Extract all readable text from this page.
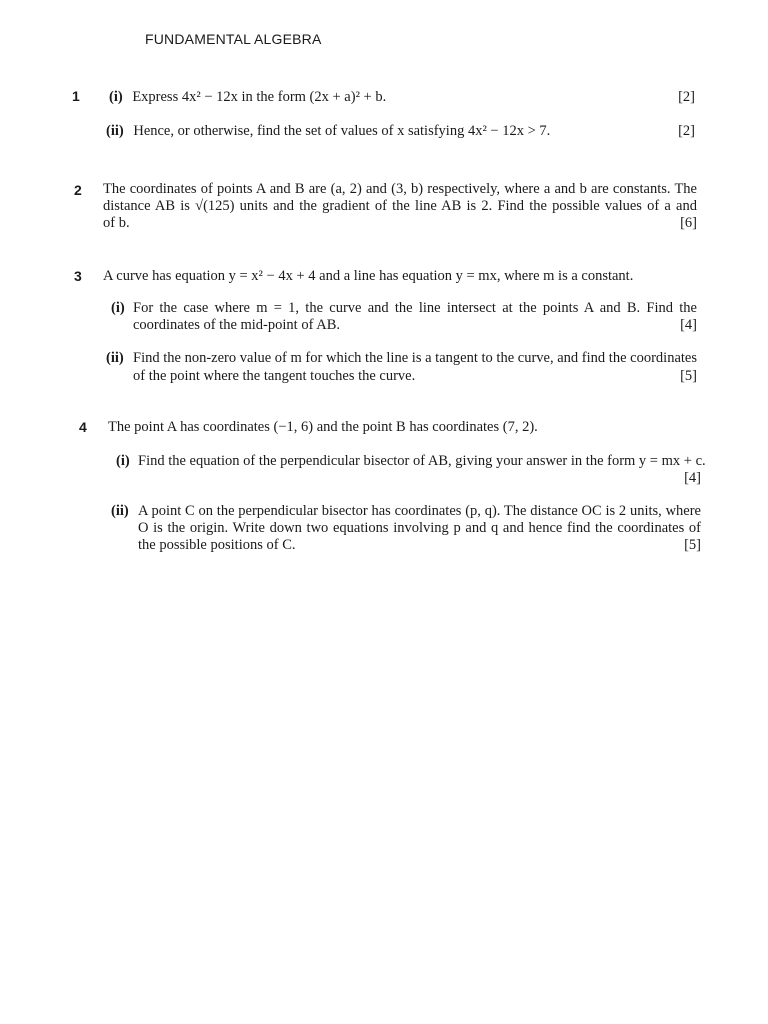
FUNDAMENTAL ALGEBRA
1 (i) Express 4x² − 12x in the form (2x + a)² + b.	[2]
(ii) Hence, or otherwise, find the set of values of x satisfying 4x² − 12x > 7.	[2]
2 The coordinates of points A and B are (a, 2) and (3, b) respectively, where a and b are constants. The
distance AB is √(125) units and the gradient of the line AB is 2. Find the possible values of a and
of b.	[6]
3 A curve has equation y = x² − 4x + 4 and a line has equation y = mx, where m is a constant.
(i) For the case where m = 1, the curve and the line intersect at the points A and B. Find the
coordinates of the mid-point of AB.	[4]
(ii) Find the non-zero value of m for which the line is a tangent to the curve, and find the coordinates
of the point where the tangent touches the curve.	[5]
4 The point A has coordinates (−1, 6) and the point B has coordinates (7, 2).
(i) Find the equation of the perpendicular bisector of AB, giving your answer in the form y = mx + c.
[4]
(ii) A point C on the perpendicular bisector has coordinates (p, q). The distance OC is 2 units, where
O is the origin. Write down two equations involving p and q and hence find the coordinates of
the possible positions of C.	[5]
